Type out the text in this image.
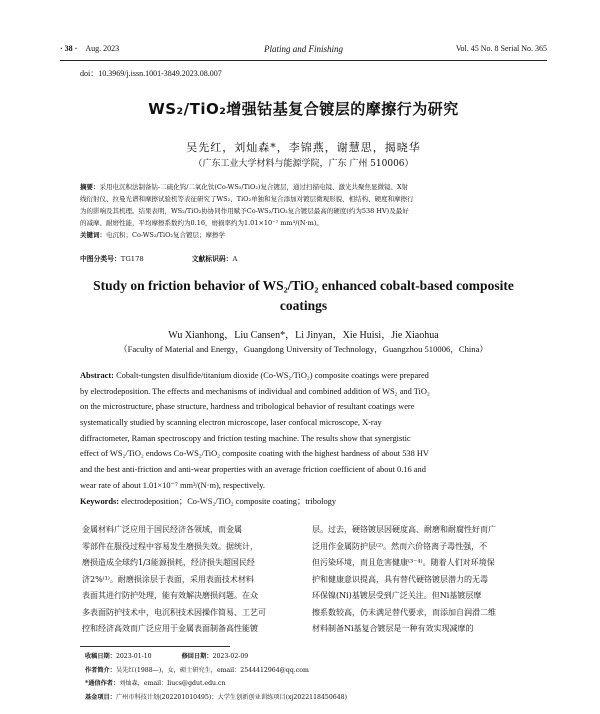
· 38 · Aug. 2023	Plating and Finishing	Vol. 45 No. 8 Serial No. 365
doi：10.3969/j.issn.1001-3849.2023.08.007
WS₂/TiO₂增强钴基复合镀层的摩擦行为研究
吴先红，刘灿森*，李锦燕，谢慧思，揭晓华
（广东工业大学材料与能源学院，广东 广州 510006）
摘要：采用电沉积法制备钴-二硫化钨/二氧化钛(Co-WS₂/TiO₂)复合镀层，通过扫描电镜、激光共聚焦显微镜、X射
线衍射仪、拉曼光谱和摩擦试验机等表征研究了WS₂、TiO₂单独和复合添加对镀层微观形貌、相结构、硬度和摩擦行
为的影响及其机理。结果表明，WS₂/TiO₂协协同作用赋予Co-WS₂/TiO₂复合镀层最高的硬度(约为538 HV)及最好
的减摩、耐磨性能，平均摩擦系数约为0.16，磨损率约为1.01×10⁻⁷ mm³/(N·m)。
关键词：电沉积；Co-WS₂/TiO₂复合镀层；摩擦学
中图分类号：TG178	文献标识码：A
Study on friction behavior of WS₂/TiO₂ enhanced cobalt-based composite
coatings
Wu Xianhong，Liu Cansen*，Li Jinyan，Xie Huisi，Jie Xiaohua
（Faculty of Material and Energy，Guangdong University of Technology，Guangzhou 510006，China）
Abstract: Cobalt-tungsten disulfide/titanium dioxide (Co-WS₂/TiO₂) composite coatings were prepared
by electrodeposition. The effects and mechanisms of individual and combined addition of WS₂ and TiO₂
on the microstructure, phase structure, hardness and tribological behavior of resultant coatings were
systematically studied by scanning electron microscope, laser confocal microscope, X-ray
diffractometer, Raman spectroscopy and friction testing machine. The results show that synergistic
effect of WS₂/TiO₂ endows Co-WS₂/TiO₂ composite coating with the highest hardness of about 538 HV
and the best anti-friction and anti-wear properties with an average friction coefficient of about 0.16 and
wear rate of about 1.01×10⁻⁷ mm³/(N·m), respectively.
Keywords: electrodeposition；Co-WS₂/TiO₂ composite coating；tribology
金属材料广泛应用于国民经济各领域，而金属
零部件在服役过程中容易发生磨损失效。据统计，
磨损造成全球约1/3能源损耗，经济损失超国民经
济2%⁽¹⁾。耐磨损涂层于表面，采用表面技术材料
表面其进行防护处理，能有效解决磨损问题。在众
多表面防护技术中，电沉积技术因操作简易、工艺可
控和经济高效而广泛应用于金属表面制备高性能镀
层。过去，硬铬镀层因硬度高、耐磨和耐腐性好而广
泛用作金属防护层⁽²⁾。然而六价铬离子毒性强，不
但污染环境，而且危害健康⁽³⁻⁴⁾。随着人们对环境保
护和健康意识提高，具有替代硬铬镀层潜力的无毒
环保镍(Ni)基镀层受到广泛关注。但Ni基镀层摩
擦系数较高，仍未满足替代要求，而添加自润滑二维
材料制备Ni基复合镀层是一种有效实现减摩的
收稿日期：2023-01-10	修回日期：2023-02-09
作者简介：吴先红(1988—)，女，硕士研究生，email：2544412964@qq.com
*通信作者：刘灿森，email：liucs@gdut.edu.cn
基金项目：广州市科技计划(202201010495)；大学生创新创业训练项目(xj2022118450648)
